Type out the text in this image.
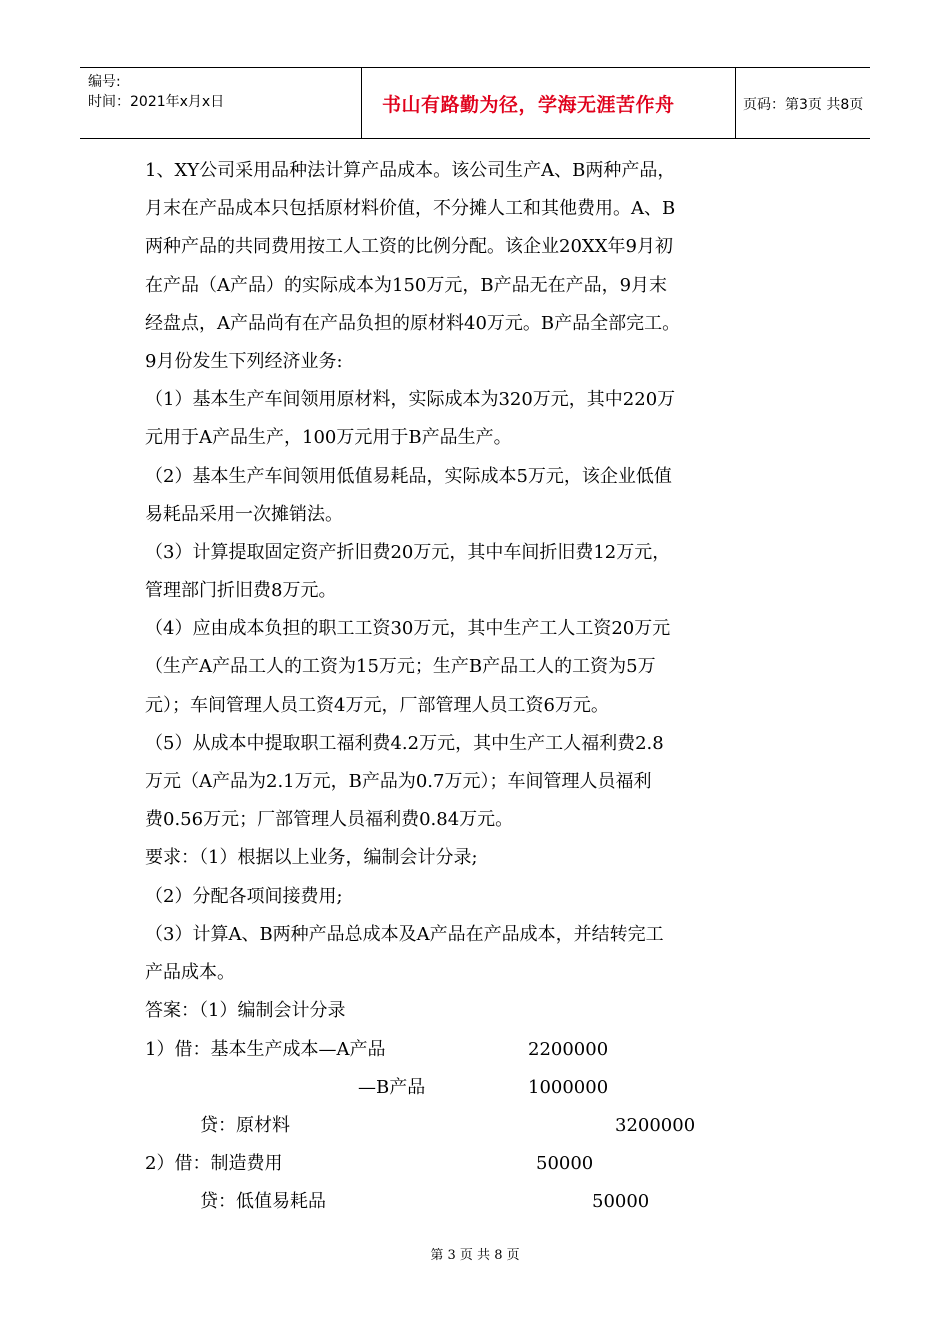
编号:
时间：2021年x月x日	书山有路勤为径，学海无涯苦作舟	页码：第3页 共8页
1、XY公司采用品种法计算产品成本。该公司生产A、B两种产品，
月末在产品成本只包括原材料价值，不分摊人工和其他费用。A、B
两种产品的共同费用按工人工资的比例分配。该企业20XX年9月初
在产品（A产品）的实际成本为150万元，B产品无在产品，9月末
经盘点，A产品尚有在产品负担的原材料40万元。B产品全部完工。
9月份发生下列经济业务:
（1）基本生产车间领用原材料，实际成本为320万元，其中220万
元用于A产品生产，100万元用于B产品生产。
（2）基本生产车间领用低值易耗品，实际成本5万元，该企业低值
易耗品采用一次摊销法。
（3）计算提取固定资产折旧费20万元，其中车间折旧费12万元，
管理部门折旧费8万元。
（4）应由成本负担的职工工资30万元，其中生产工人工资20万元
（生产A产品工人的工资为15万元；生产B产品工人的工资为5万
元）；车间管理人员工资4万元，厂部管理人员工资6万元。
（5）从成本中提取职工福利费4.2万元，其中生产工人福利费2.8
万元（A产品为2.1万元，B产品为0.7万元）；车间管理人员福利
费0.56万元；厂部管理人员福利费0.84万元。
要求：（1）根据以上业务，编制会计分录;
（2）分配各项间接费用;
（3）计算A、B两种产品总成本及A产品在产品成本，并结转完工
产品成本。
答案：（1）编制会计分录
1）借：基本生产成本—A产品	2200000
—B产品	1000000
贷：原材料	3200000
2）借：制造费用	50000
贷：低值易耗品	50000
第 3 页 共 8 页
